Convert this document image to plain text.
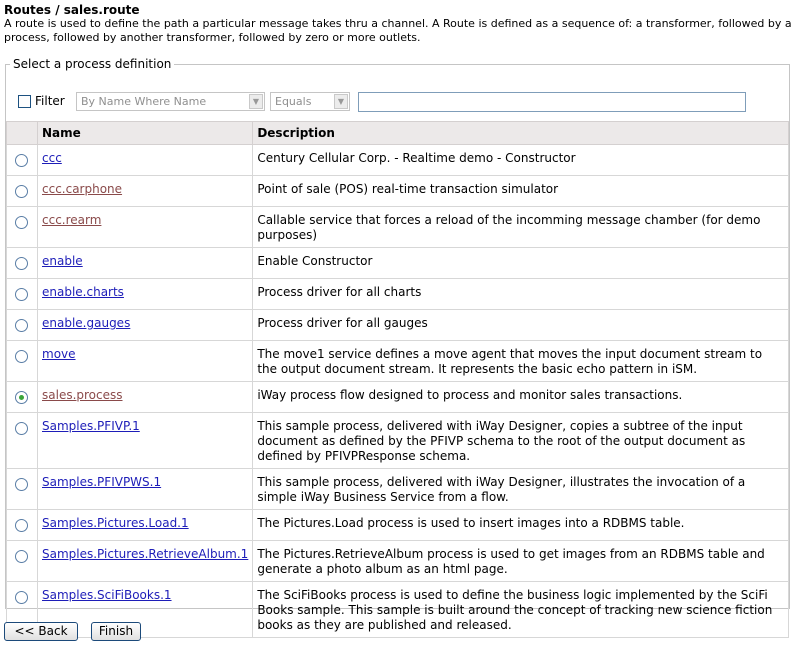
Routes / sales.route
A route is used to define the path a particular message takes thru a channel. A Route is defined as a sequence of: a transformer, followed by a process, followed by another transformer, followed by zero or more outlets.
Select a process definition
Filter	By Name Where Name	▼	Equals	▼
	Name	Description
	ccc	Century Cellular Corp. - Realtime demo - Constructor
	ccc.carphone	Point of sale (POS) real-time transaction simulator
	ccc.rearm	Callable service that forces a reload of the incomming message chamber (for demo purposes)
	enable	Enable Constructor
	enable.charts	Process driver for all charts
	enable.gauges	Process driver for all gauges
	move	The move1 service defines a move agent that moves the input document stream to the output document stream. It represents the basic echo pattern in iSM.
	sales.process	iWay process flow designed to process and monitor sales transactions.
	Samples.PFIVP.1	This sample process, delivered with iWay Designer, copies a subtree of the input document as defined by the PFIVP schema to the root of the output document as defined by PFIVPResponse schema.
	Samples.PFIVPWS.1	This sample process, delivered with iWay Designer, illustrates the invocation of a simple iWay Business Service from a flow.
	Samples.Pictures.Load.1	The Pictures.Load process is used to insert images into a RDBMS table.
	Samples.Pictures.RetrieveAlbum.1	The Pictures.RetrieveAlbum process is used to get images from an RDBMS table and generate a photo album as an html page.
	Samples.SciFiBooks.1	The SciFiBooks process is used to define the business logic implemented by the SciFi Books sample. This sample is built around the concept of tracking new science fiction books as they are published and released.
<< Back	Finish
